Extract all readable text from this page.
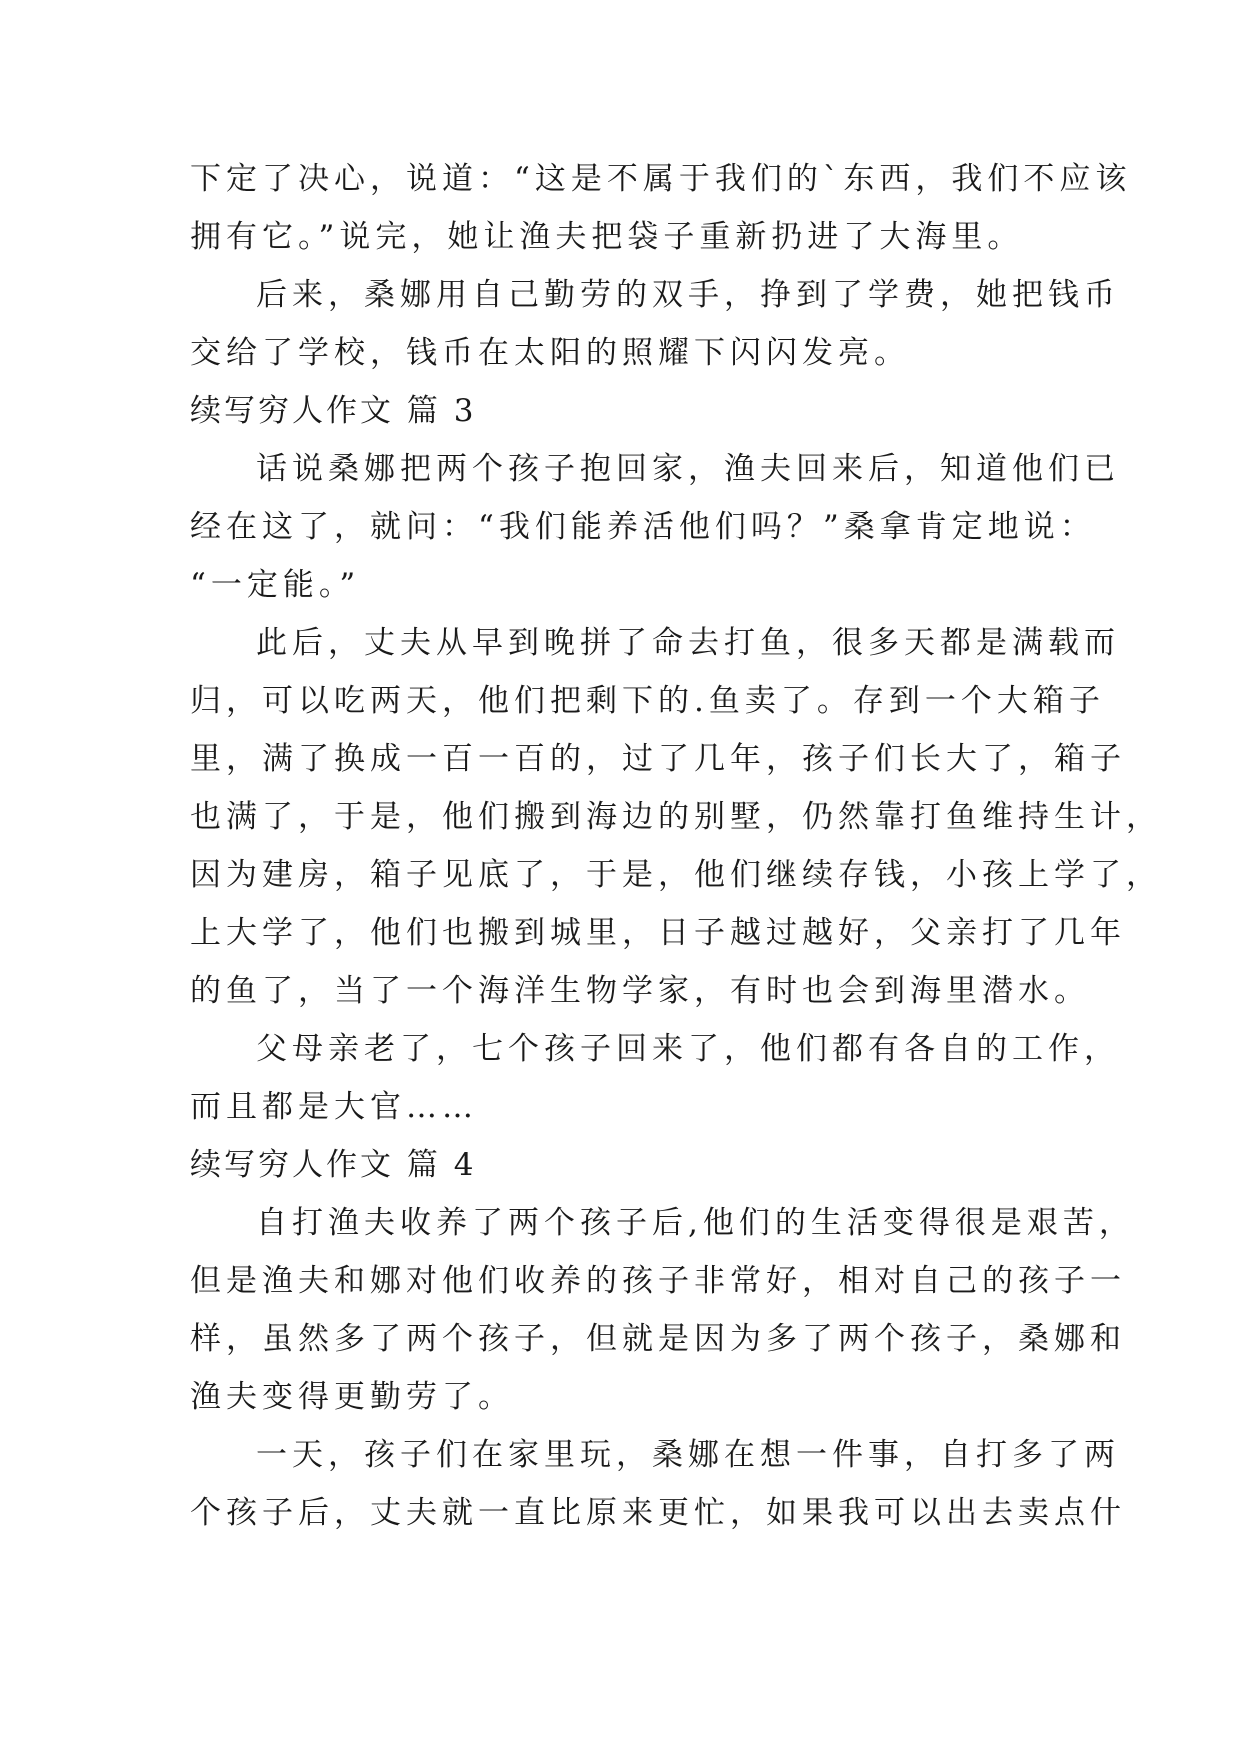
下定了决心，说道：“这是不属于我们的`东西，我们不应该

拥有它。”说完，她让渔夫把袋子重新扔进了大海里。

后来，桑娜用自己勤劳的双手，挣到了学费，她把钱币

交给了学校，钱币在太阳的照耀下闪闪发亮。

续写穷人作文 篇 3

话说桑娜把两个孩子抱回家，渔夫回来后，知道他们已

经在这了，就问：“我们能养活他们吗？”桑拿肯定地说：

“一定能。”

此后，丈夫从早到晚拼了命去打鱼，很多天都是满载而

归，可以吃两天，他们把剩下的.鱼卖了。存到一个大箱子

里，满了换成一百一百的，过了几年，孩子们长大了，箱子

也满了，于是，他们搬到海边的别墅，仍然靠打鱼维持生计，

因为建房，箱子见底了，于是，他们继续存钱，小孩上学了，

上大学了，他们也搬到城里，日子越过越好，父亲打了几年

的鱼了，当了一个海洋生物学家，有时也会到海里潜水。

父母亲老了，七个孩子回来了，他们都有各自的工作，

而且都是大官……

续写穷人作文 篇 4

自打渔夫收养了两个孩子后,他们的生活变得很是艰苦，

但是渔夫和娜对他们收养的孩子非常好，相对自己的孩子一

样，虽然多了两个孩子，但就是因为多了两个孩子，桑娜和

渔夫变得更勤劳了。

一天，孩子们在家里玩，桑娜在想一件事，自打多了两

个孩子后，丈夫就一直比原来更忙，如果我可以出去卖点什
